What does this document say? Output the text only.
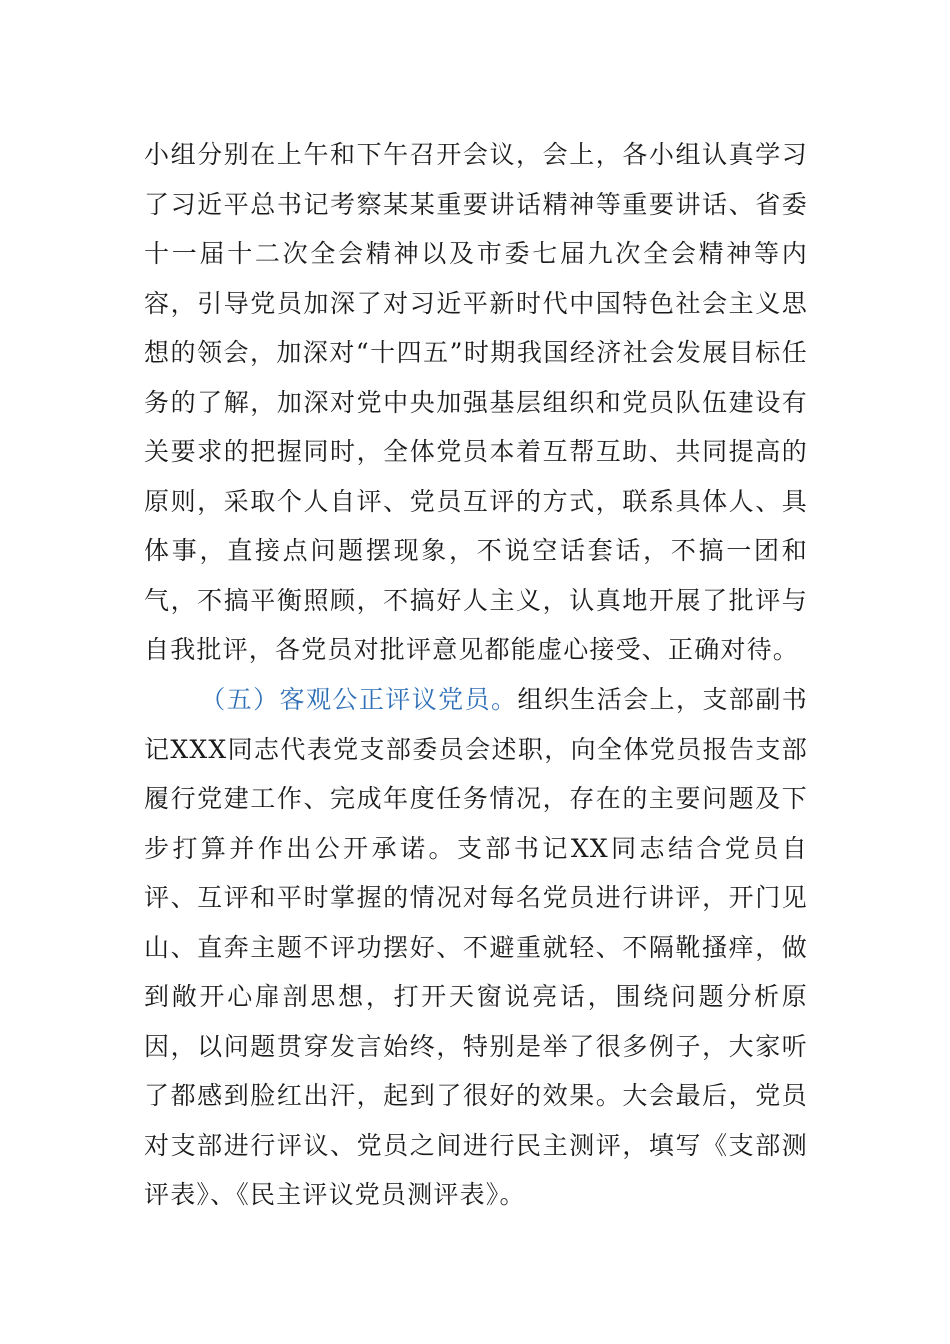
小组分别在上午和下午召开会议，会上，各小组认真学习了习近平总书记考察某某重要讲话精神等重要讲话、省委十一届十二次全会精神以及市委七届九次全会精神等内容，引导党员加深了对习近平新时代中国特色社会主义思想的领会，加深对“十四五”时期我国经济社会发展目标任务的了解，加深对党中央加强基层组织和党员队伍建设有关要求的把握同时，全体党员本着互帮互助、共同提高的原则，采取个人自评、党员互评的方式，联系具体人、具体事，直接点问题摆现象，不说空话套话，不搞一团和气，不搞平衡照顾，不搞好人主义，认真地开展了批评与自我批评，各党员对批评意见都能虚心接受、正确对待。

（五）客观公正评议党员。组织生活会上，支部副书记XXX同志代表党支部委员会述职，向全体党员报告支部履行党建工作、完成年度任务情况，存在的主要问题及下步打算并作出公开承诺。支部书记XX同志结合党员自评、互评和平时掌握的情况对每名党员进行讲评，开门见山、直奔主题不评功摆好、不避重就轻、不隔靴搔痒，做到敞开心扉剖思想，打开天窗说亮话，围绕问题分析原因，以问题贯穿发言始终，特别是举了很多例子，大家听了都感到脸红出汗，起到了很好的效果。大会最后，党员对支部进行评议、党员之间进行民主测评，填写《支部测评表》、《民主评议党员测评表》。
